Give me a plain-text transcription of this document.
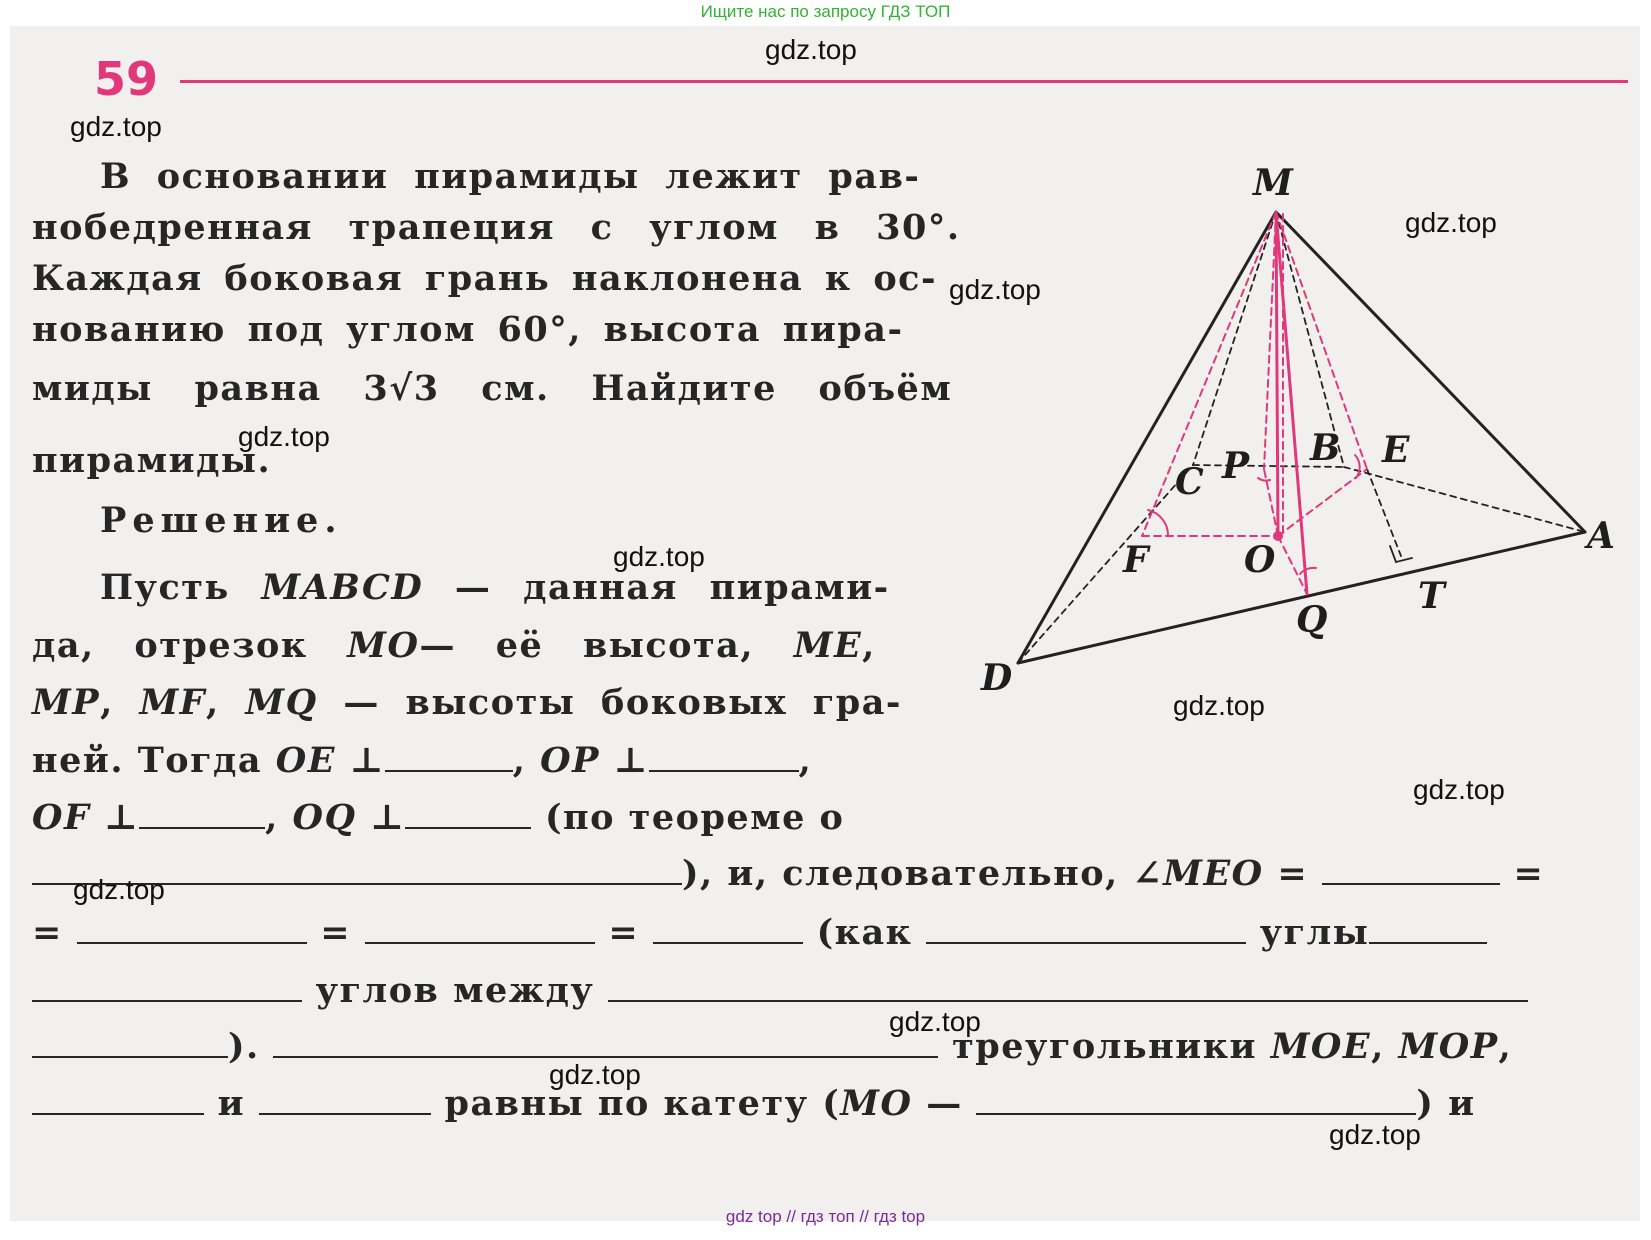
Ищите нас по запросу ГДЗ ТОП

59
В основании пирамиды лежит рав-
нобедренная трапеция с углом в 30°.
Каждая боковая грань наклонена к ос-
нованию под углом 60°, высота пира-
миды равна 3√3 см. Найдите объём
пирамиды.
Решение.
Пусть MABCD — данная пирами-
да, отрезок MO— её высота, ME,
MP, MF, MQ — высоты боковых гра-
ней. Тогда OE ⊥	, OP ⊥	,
OF ⊥	, OQ ⊥	(по теореме о
), и, следовательно, ∠MEO =	=
=	=	=	(как	углы
углов между
).	треугольники MOE, MOP,
и	равны по катету (MO —	) и
M
A
B
C
D
E
F	O
P
Q
T
gdz.top
gdz.top
gdz.top
gdz.top
gdz.top
gdz.top
gdz.top
gdz.top
gdz.top
gdz.top
gdz.top
gdz.top
gdz top // гдз топ // гдз top
